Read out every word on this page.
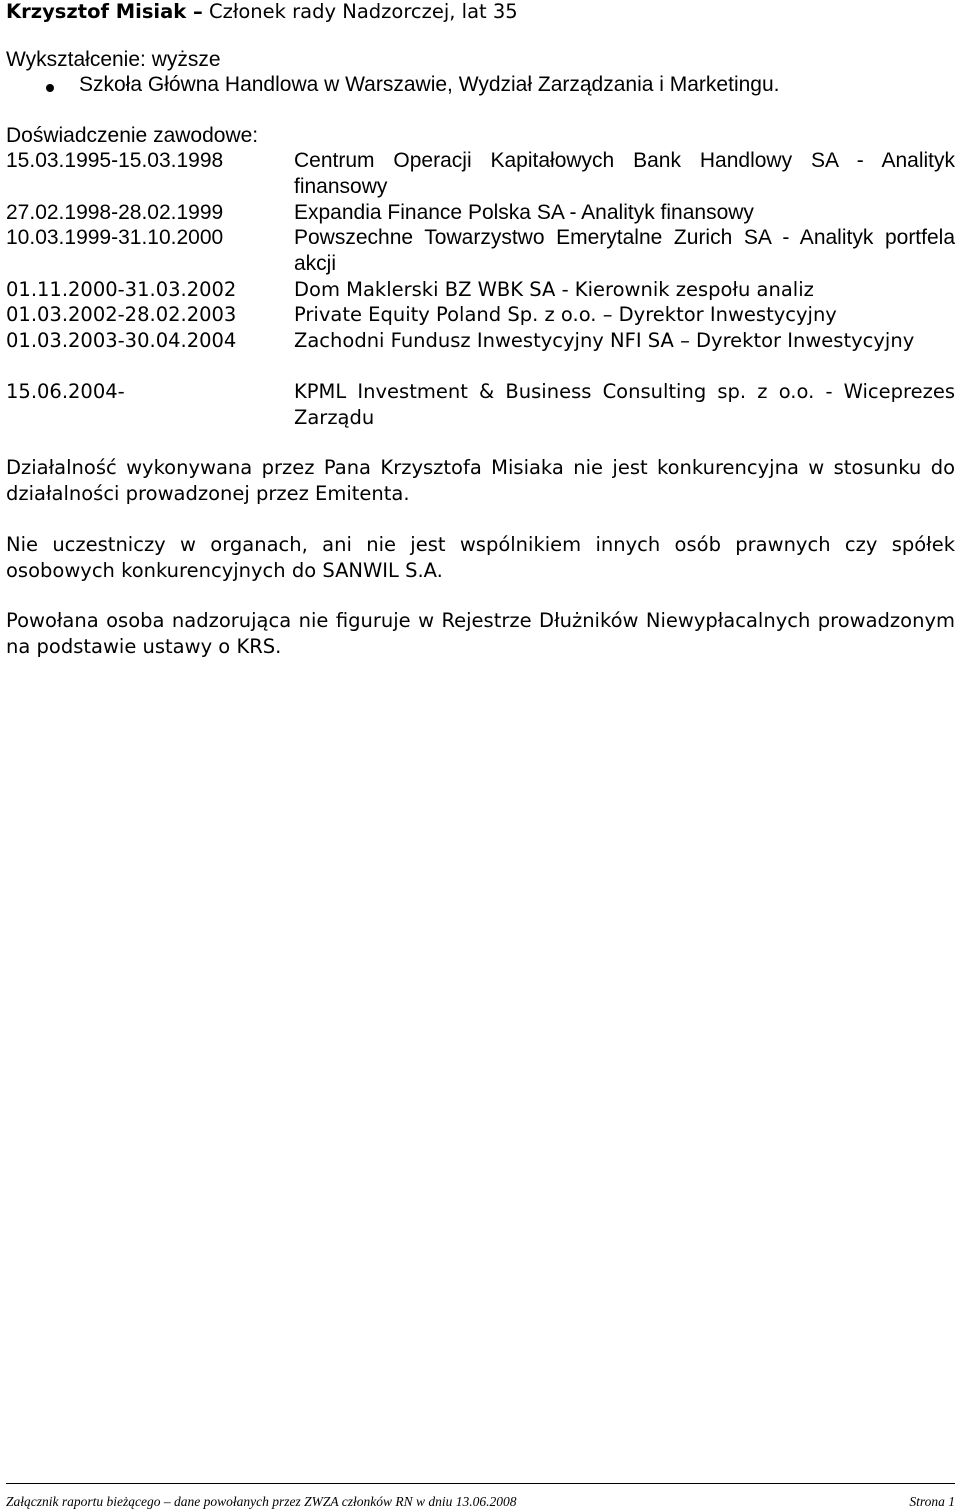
Krzysztof Misiak – Członek rady Nadzorczej, lat 35
Wykształcenie: wyższe
Szkoła Główna Handlowa w Warszawie, Wydział Zarządzania i Marketingu.
Doświadczenie zawodowe:
15.03.1995-15.03.1998	Centrum Operacji Kapitałowych Bank Handlowy SA - Analityk finansowy
27.02.1998-28.02.1999	Expandia Finance Polska SA - Analityk finansowy
10.03.1999-31.10.2000	Powszechne Towarzystwo Emerytalne Zurich SA - Analityk portfela akcji
01.11.2000-31.03.2002	Dom Maklerski BZ WBK SA - Kierownik zespołu analiz
01.03.2002-28.02.2003	Private Equity Poland Sp. z o.o. – Dyrektor Inwestycyjny
01.03.2003-30.04.2004	Zachodni Fundusz Inwestycyjny NFI SA – Dyrektor Inwestycyjny
15.06.2004-	KPML Investment & Business Consulting sp. z o.o. - Wiceprezes Zarządu
Działalność wykonywana przez Pana Krzysztofa Misiaka nie jest konkurencyjna w stosunku do działalności prowadzonej przez Emitenta.
Nie uczestniczy w organach, ani nie jest wspólnikiem innych osób prawnych czy spółek osobowych konkurencyjnych do SANWIL S.A.
Powołana osoba nadzorująca nie figuruje w Rejestrze Dłużników Niewypłacalnych prowadzonym na podstawie ustawy o KRS.
Załącznik raportu bieżącego – dane powołanych przez ZWZA członków RN w dniu 13.06.2008	Strona 1
